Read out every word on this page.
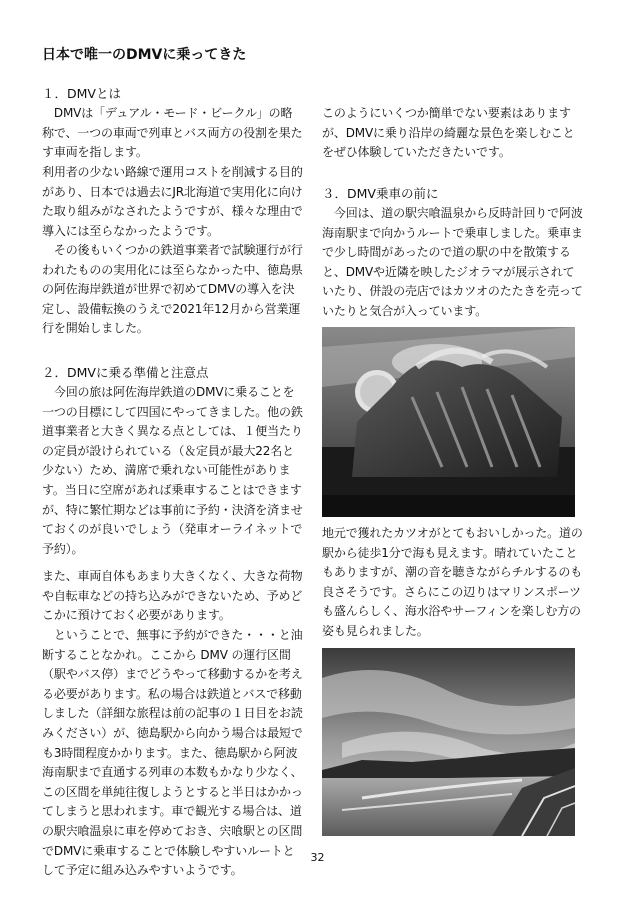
日本で唯一のDMVに乗ってきた
１．DMVとは
　DMVは「デュアル・モード・ビークル」の略称で、一つの車両で列車とバス両方の役割を果たす車両を指します。
利用者の少ない路線で運用コストを削減する目的があり、日本では過去にJR北海道で実用化に向けた取り組みがなされたようですが、様々な理由で導入には至らなかったようです。
　その後もいくつかの鉄道事業者で試験運行が行われたものの実用化には至らなかった中、徳島県の阿佐海岸鉄道が世界で初めてDMVの導入を決定し、設備転換のうえで2021年12月から営業運行を開始しました。
２．DMVに乗る準備と注意点
　今回の旅は阿佐海岸鉄道のDMVに乗ることを一つの目標にして四国にやってきました。他の鉄道事業者と大きく異なる点としては、１便当たりの定員が設けられている（＆定員が最大22名と少ない）ため、満席で乗れない可能性があります。当日に空席があれば乗車することはできますが、特に繁忙期などは事前に予約・決済を済ませておくのが良いでしょう（発車オーライネットで予約）。
また、車両自体もあまり大きくなく、大きな荷物や自転車などの持ち込みができないため、予めどこかに預けておく必要があります。
　ということで、無事に予約ができた・・・と油断することなかれ。ここから DMV の運行区間（駅やバス停）までどうやって移動するかを考える必要があります。私の場合は鉄道とバスで移動しました（詳細な旅程は前の記事の１日目をお読みください）が、徳島駅から向かう場合は最短でも3時間程度かかります。また、徳島駅から阿波海南駅まで直通する列車の本数もかなり少なく、この区間を単純往復しようとすると半日はかかってしまうと思われます。車で観光する場合は、道の駅宍喰温泉に車を停めておき、宍喰駅との区間でDMVに乗車することで体験しやすいルートとして予定に組み込みやすいようです。
このようにいくつか簡単でない要素はありますが、DMVに乗り沿岸の綺麗な景色を楽しむことをぜひ体験していただきたいです。
３．DMV乗車の前に
　今回は、道の駅宍喰温泉から反時計回りで阿波海南駅まで向かうルートで乗車しました。乗車まで少し時間があったので道の駅の中を散策すると、DMVや近隣を映したジオラマが展示されていたり、併設の売店ではカツオのたたきを売っていたりと気合が入っています。
地元で獲れたカツオがとてもおいしかった。道の駅から徒歩1分で海も見えます。晴れていたこともありますが、潮の音を聴きながらチルするのも良さそうです。さらにこの辺りはマリンスポーツも盛んらしく、海水浴やサーフィンを楽しむ方の姿も見られました。
32
